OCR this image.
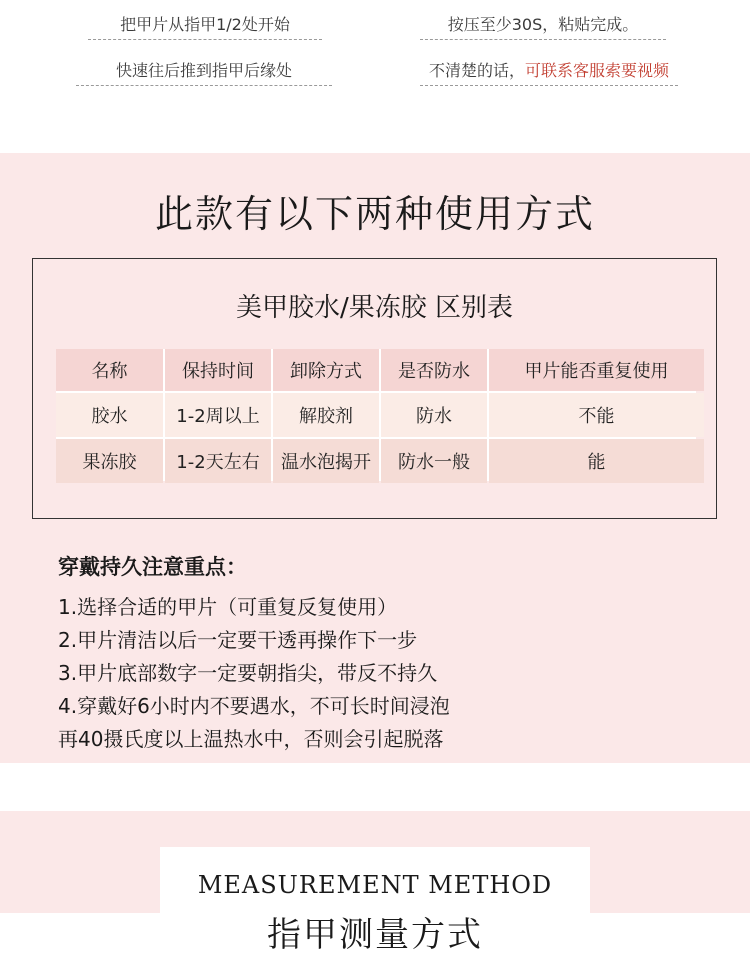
把甲片从指甲1/2处开始
快速往后推到指甲后缘处
按压至少30S，粘贴完成。
不清楚的话，可联系客服索要视频
此款有以下两种使用方式
美甲胶水/果冻胶 区别表
名称	保持时间	卸除方式	是否防水	甲片能否重复使用
胶水	1-2周以上	解胶剂	防水	不能
果冻胶	1-2天左右	温水泡揭开	防水一般	能
穿戴持久注意重点：
1.选择合适的甲片（可重复反复使用）
2.甲片清洁以后一定要干透再操作下一步
3.甲片底部数字一定要朝指尖，带反不持久
4.穿戴好6小时内不要遇水，不可长时间浸泡
再40摄氏度以上温热水中，否则会引起脱落
MEASUREMENT METHOD
指甲测量方式
